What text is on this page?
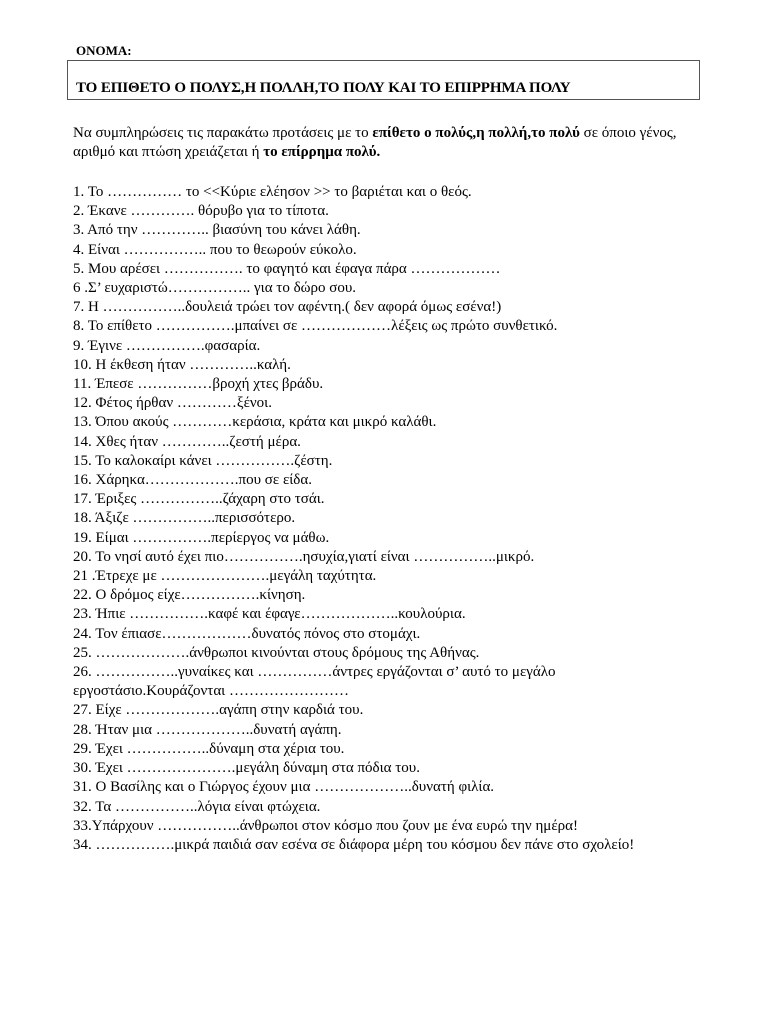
ΟΝΟΜΑ:
ΤΟ ΕΠΙΘΕΤΟ Ο ΠΟΛΥΣ,Η ΠΟΛΛΗ,ΤΟ ΠΟΛΥ ΚΑΙ ΤΟ ΕΠΙΡΡΗΜΑ ΠΟΛΥ
Να συμπληρώσεις τις παρακάτω προτάσεις με το επίθετο ο πολύς,η πολλή,το πολύ σε όποιο γένος, αριθμό και πτώση χρειάζεται ή το επίρρημα πολύ.
1. Το …………… το <<Κύριε ελέησον >> το βαριέται και ο θεός.
2. Έκανε …………. θόρυβο για το τίποτα.
3. Από την ………….. βιασύνη του κάνει λάθη.
4. Είναι …………….. που το θεωρούν εύκολο.
5. Μου αρέσει ……………. το φαγητό και έφαγα πάρα ………………
6 .Σ’ ευχαριστώ…………….. για το δώρο σου.
7. Η ……………..δουλειά τρώει τον αφέντη.( δεν αφορά όμως εσένα!)
8. Το επίθετο …………….μπαίνει σε ………………λέξεις ως πρώτο συνθετικό.
9. Έγινε …………….φασαρία.
10. Η έκθεση ήταν …………..καλή.
11. Έπεσε ……………βροχή χτες βράδυ.
12. Φέτος ήρθαν …………ξένοι.
13. Όπου ακούς …………κεράσια, κράτα και μικρό καλάθι.
14. Χθες ήταν …………..ζεστή μέρα.
15. Το καλοκαίρι κάνει …………….ζέστη.
16. Χάρηκα……………….που σε είδα.
17. Έριξες ……………..ζάχαρη στο τσάι.
18. Άξιζε ……………..περισσότερο.
19. Είμαι …………….περίεργος να μάθω.
20. Το νησί αυτό έχει πιο…………….ησυχία,γιατί είναι ……………..μικρό.
21 .Έτρεχε με ………………….μεγάλη ταχύτητα.
22. Ο δρόμος είχε…………….κίνηση.
23. Ήπιε …………….καφέ και έφαγε………………..κουλούρια.
24. Τον έπιασε………………δυνατός πόνος στο στομάχι.
25. ……………….άνθρωποι κινούνται στους δρόμους της Αθήνας.
26. ……………..γυναίκες και ……………άντρες εργάζονται σ’ αυτό το μεγάλο εργοστάσιο.Κουράζονται ……………………
27. Είχε ……………….αγάπη στην καρδιά του.
28. Ήταν μια ………………..δυνατή αγάπη.
29. Έχει ……………..δύναμη στα χέρια του.
30. Έχει ………………….μεγάλη δύναμη στα πόδια του.
31. Ο Βασίλης και ο Γιώργος έχουν μια ………………..δυνατή φιλία.
32. Τα ……………..λόγια είναι φτώχεια.
33.Υπάρχουν ……………..άνθρωποι στον κόσμο που ζουν με ένα ευρώ την ημέρα!
34. …………….μικρά παιδιά σαν εσένα σε διάφορα μέρη του κόσμου δεν πάνε στο σχολείο!
